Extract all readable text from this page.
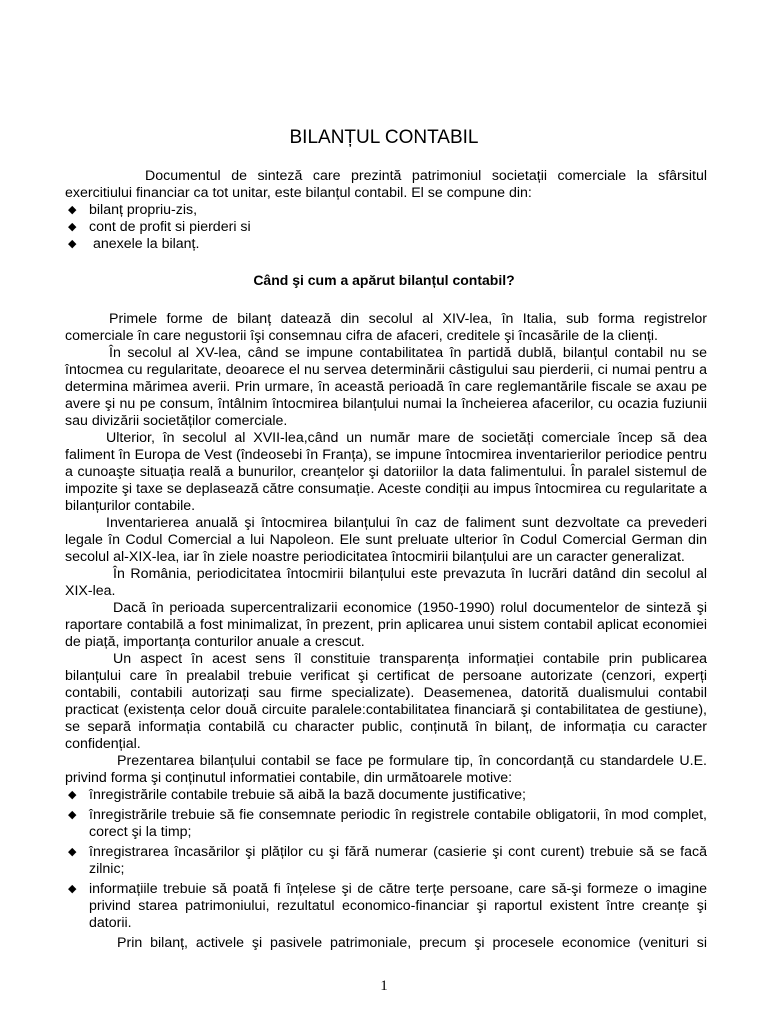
BILANȚUL CONTABIL

Documentul de sinteză care prezintă patrimoniul societații comerciale la sfârsitul exercitiului financiar ca tot unitar, este bilanțul contabil. El se compune din:

◆ bilanț propriu-zis,
◆ cont de profit si pierderi si
◆ anexele la bilanț.
Când şi cum a apărut bilanțul contabil?

Primele forme de bilanț datează din secolul al XIV-lea, în Italia, sub forma registrelor comerciale în care negustorii îşi consemnau cifra de afaceri, creditele şi încasările de la clienți.

În secolul al XV-lea, când se impune contabilitatea în partidă dublă, bilanțul contabil nu se întocmea cu regularitate, deoarece el nu servea determinării câstigului sau pierderii, ci numai pentru a determina mărimea averii. Prin urmare, în această perioadă în care reglemantările fiscale se axau pe avere şi nu pe consum, întâlnim întocmirea bilanțului numai la încheierea afacerilor, cu ocazia fuziunii sau divizării societăților comerciale.

Ulterior, în secolul al XVII-lea,când un număr mare de societăți comerciale încep să dea faliment în Europa de Vest (îndeosebi în Franța), se impune întocmirea inventarierilor periodice pentru a cunoaşte situația reală a bunurilor, creanțelor şi datoriilor la data falimentului. În paralel sistemul de impozite şi taxe se deplasează către consumație. Aceste condiții au impus întocmirea cu regularitate a bilanțurilor contabile.

Inventarierea anuală şi întocmirea bilanțului în caz de faliment sunt dezvoltate ca prevederi legale în Codul Comercial a lui Napoleon. Ele sunt preluate ulterior în Codul Comercial German din secolul al-XIX-lea, iar în ziele noastre periodicitatea întocmirii bilanțului are un caracter generalizat.

În România, periodicitatea întocmirii bilanțului este prevazuta în lucrări datând din secolul al XIX-lea.

Dacă în perioada supercentralizarii economice (1950-1990) rolul documentelor de sinteză şi raportare contabilă a fost minimalizat, în prezent, prin aplicarea unui sistem contabil aplicat economiei de piață, importanța conturilor anuale a crescut.

Un aspect în acest sens îl constituie transparența informației contabile prin publicarea bilanțului care în prealabil trebuie verificat şi certificat de persoane autorizate (cenzori, experți contabili, contabili autorizați sau firme specializate). Deasemenea, datorită dualismului contabil practicat (existența celor două circuite paralele:contabilitatea financiară şi contabilitatea de gestiune), se separă informația contabilă cu character public, conținută în bilanț, de informația cu caracter confidențial.

Prezentarea bilanțului contabil se face pe formulare tip, în concordanță cu standardele U.E. privind forma şi conținutul informatiei contabile, din următoarele motive:

◆ înregistrările contabile trebuie să aibă la bază documente justificative;
◆ înregistrările trebuie să fie consemnate periodic în registrele contabile obligatorii, în mod complet, corect şi la timp;
◆ înregistrarea încasărilor şi plăților cu şi fără numerar (casierie şi cont curent) trebuie să se facă zilnic;
◆ informațiile trebuie să poată fi înțelese şi de către terțe persoane, care să-şi formeze o imagine privind starea patrimoniului, rezultatul economico-financiar şi raportul existent între creanțe şi datorii.

Prin bilanț, activele şi pasivele patrimoniale, precum şi procesele economice (venituri si

1
